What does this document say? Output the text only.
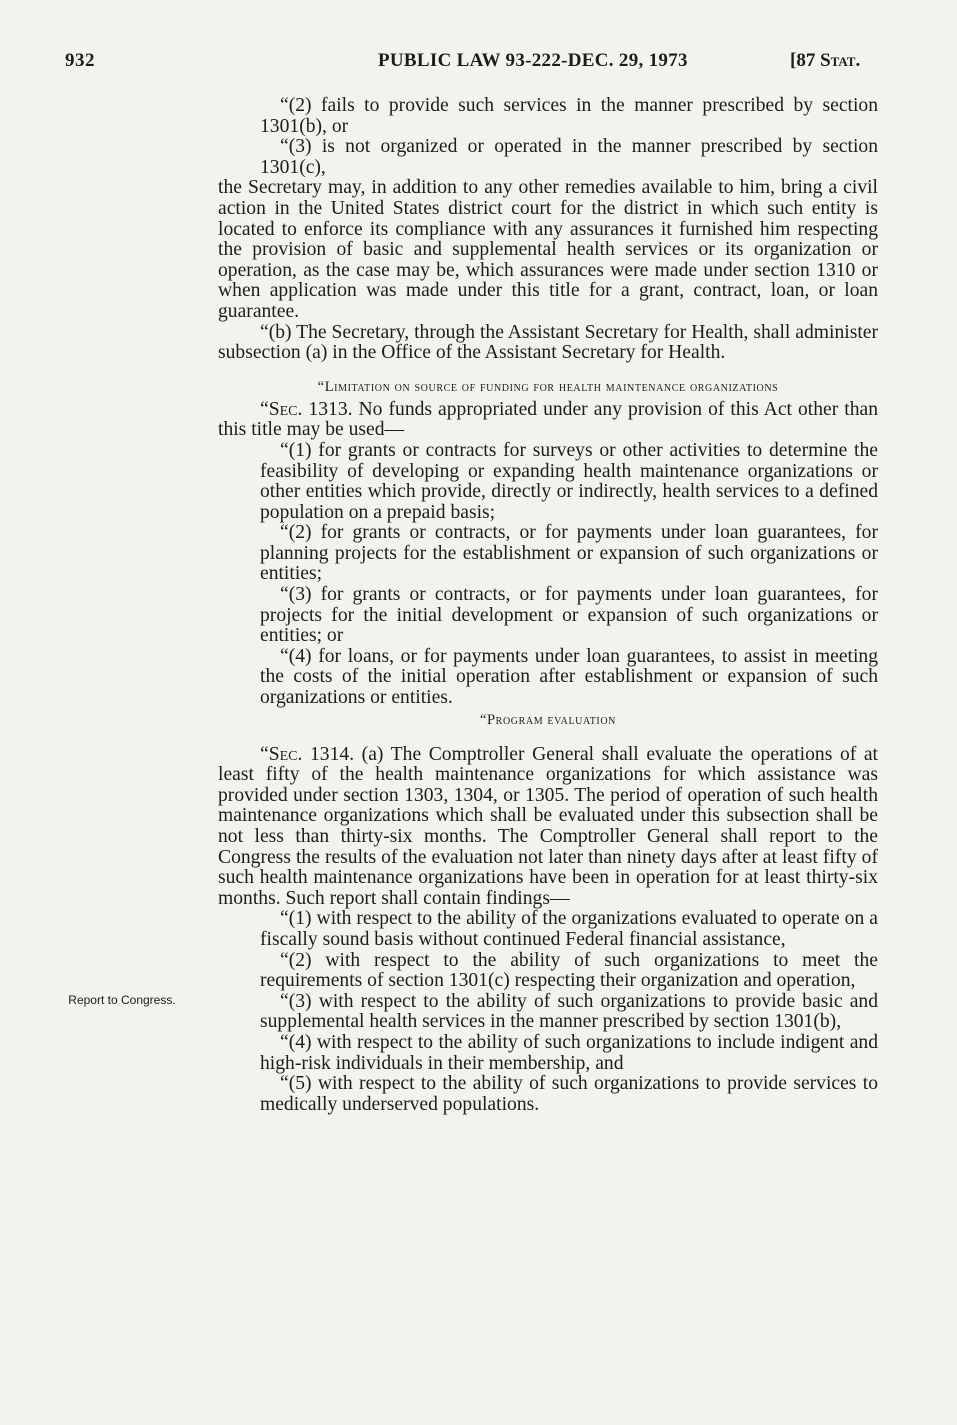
932	PUBLIC LAW 93-222-DEC. 29, 1973	[87 Stat.
Report to Congress.

“(2) fails to provide such services in the manner prescribed by section 1301(b), or

“(3) is not organized or operated in the manner prescribed by section 1301(c),

the Secretary may, in addition to any other remedies available to him, bring a civil action in the United States district court for the district in which such entity is located to enforce its compliance with any assurances it furnished him respecting the provision of basic and supplemental health services or its organization or operation, as the case may be, which assurances were made under section 1310 or when application was made under this title for a grant, contract, loan, or loan guarantee.

“(b) The Secretary, through the Assistant Secretary for Health, shall administer subsection (a) in the Office of the Assistant Secretary for Health.

“Limitation on source of funding for health maintenance organizations

“Sec. 1313. No funds appropriated under any provision of this Act other than this title may be used—

“(1) for grants or contracts for surveys or other activities to determine the feasibility of developing or expanding health maintenance organizations or other entities which provide, directly or indirectly, health services to a defined population on a prepaid basis;

“(2) for grants or contracts, or for payments under loan guarantees, for planning projects for the establishment or expansion of such organizations or entities;

“(3) for grants or contracts, or for payments under loan guarantees, for projects for the initial development or expansion of such organizations or entities; or

“(4) for loans, or for payments under loan guarantees, to assist in meeting the costs of the initial operation after establishment or expansion of such organizations or entities.

“Program evaluation

“Sec. 1314. (a) The Comptroller General shall evaluate the operations of at least fifty of the health maintenance organizations for which assistance was provided under section 1303, 1304, or 1305. The period of operation of such health maintenance organizations which shall be evaluated under this subsection shall be not less than thirty-six months. The Comptroller General shall report to the Congress the results of the evaluation not later than ninety days after at least fifty of such health maintenance organizations have been in operation for at least thirty-six months. Such report shall contain findings—

“(1) with respect to the ability of the organizations evaluated to operate on a fiscally sound basis without continued Federal financial assistance,

“(2) with respect to the ability of such organizations to meet the requirements of section 1301(c) respecting their organization and operation,

“(3) with respect to the ability of such organizations to provide basic and supplemental health services in the manner prescribed by section 1301(b),

“(4) with respect to the ability of such organizations to include indigent and high-risk individuals in their membership, and

“(5) with respect to the ability of such organizations to provide services to medically underserved populations.
